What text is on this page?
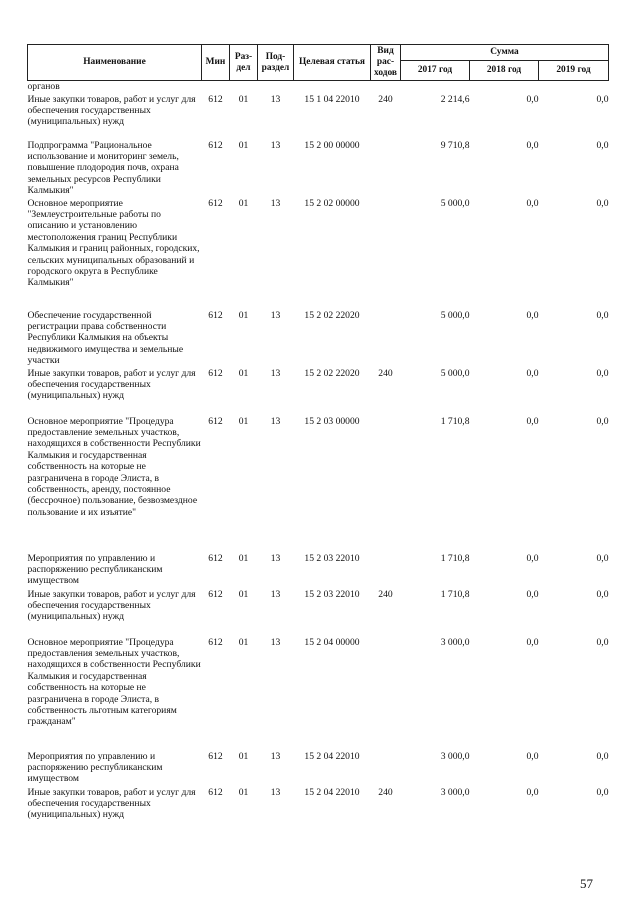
Наименование	Мин	Раз-дел	Под-раздел	Целевая статья	Вид рас-ходов	Сумма		
						2017 год	2018 год	2019 год
органов								
Иные закупки товаров, работ и услуг для обеспечения государственных (муниципальных) нужд	612	01	13	15 1 04 22010	240	2 214,6	0,0	0,0
Подпрограмма "Рациональное использование и мониторинг земель, повышение плодородия почв, охрана земельных ресурсов Республики Калмыкия"	612	01	13	15 2 00 00000		9 710,8	0,0	0,0
Основное мероприятие "Землеустроительные работы по описанию и установлению местоположения границ Республики Калмыкия и границ районных, городских, сельских муниципальных образований и городского округа в Республике Калмыкия"	612	01	13	15 2 02 00000		5 000,0	0,0	0,0
Обеспечение государственной регистрации права собственности Республики Калмыкия на объекты недвижимого имущества и земельные участки	612	01	13	15 2 02 22020		5 000,0	0,0	0,0
Иные закупки товаров, работ и услуг для обеспечения государственных (муниципальных) нужд	612	01	13	15 2 02 22020	240	5 000,0	0,0	0,0
Основное мероприятие "Процедура предоставление земельных участков, находящихся в собственности Республики Калмыкия и государственная собственность на которые не разграничена в городе Элиста, в собственность, аренду, постоянное (бессрочное) пользование, безвозмездное пользование и их изъятие"	612	01	13	15 2 03 00000		1 710,8	0,0	0,0
Мероприятия по управлению и распоряжению республиканским имуществом	612	01	13	15 2 03 22010		1 710,8	0,0	0,0
Иные закупки товаров, работ и услуг для обеспечения государственных (муниципальных) нужд	612	01	13	15 2 03 22010	240	1 710,8	0,0	0,0
Основное мероприятие "Процедура предоставления земельных участков, находящихся в собственности Республики Калмыкия и государственная собственность на которые не разграничена в городе Элиста, в собственность льготным категориям гражданам"	612	01	13	15 2 04 00000		3 000,0	0,0	0,0
Мероприятия по управлению и распоряжению республиканским имуществом	612	01	13	15 2 04 22010		3 000,0	0,0	0,0
Иные закупки товаров, работ и услуг для обеспечения государственных (муниципальных) нужд	612	01	13	15 2 04 22010	240	3 000,0	0,0	0,0
57
